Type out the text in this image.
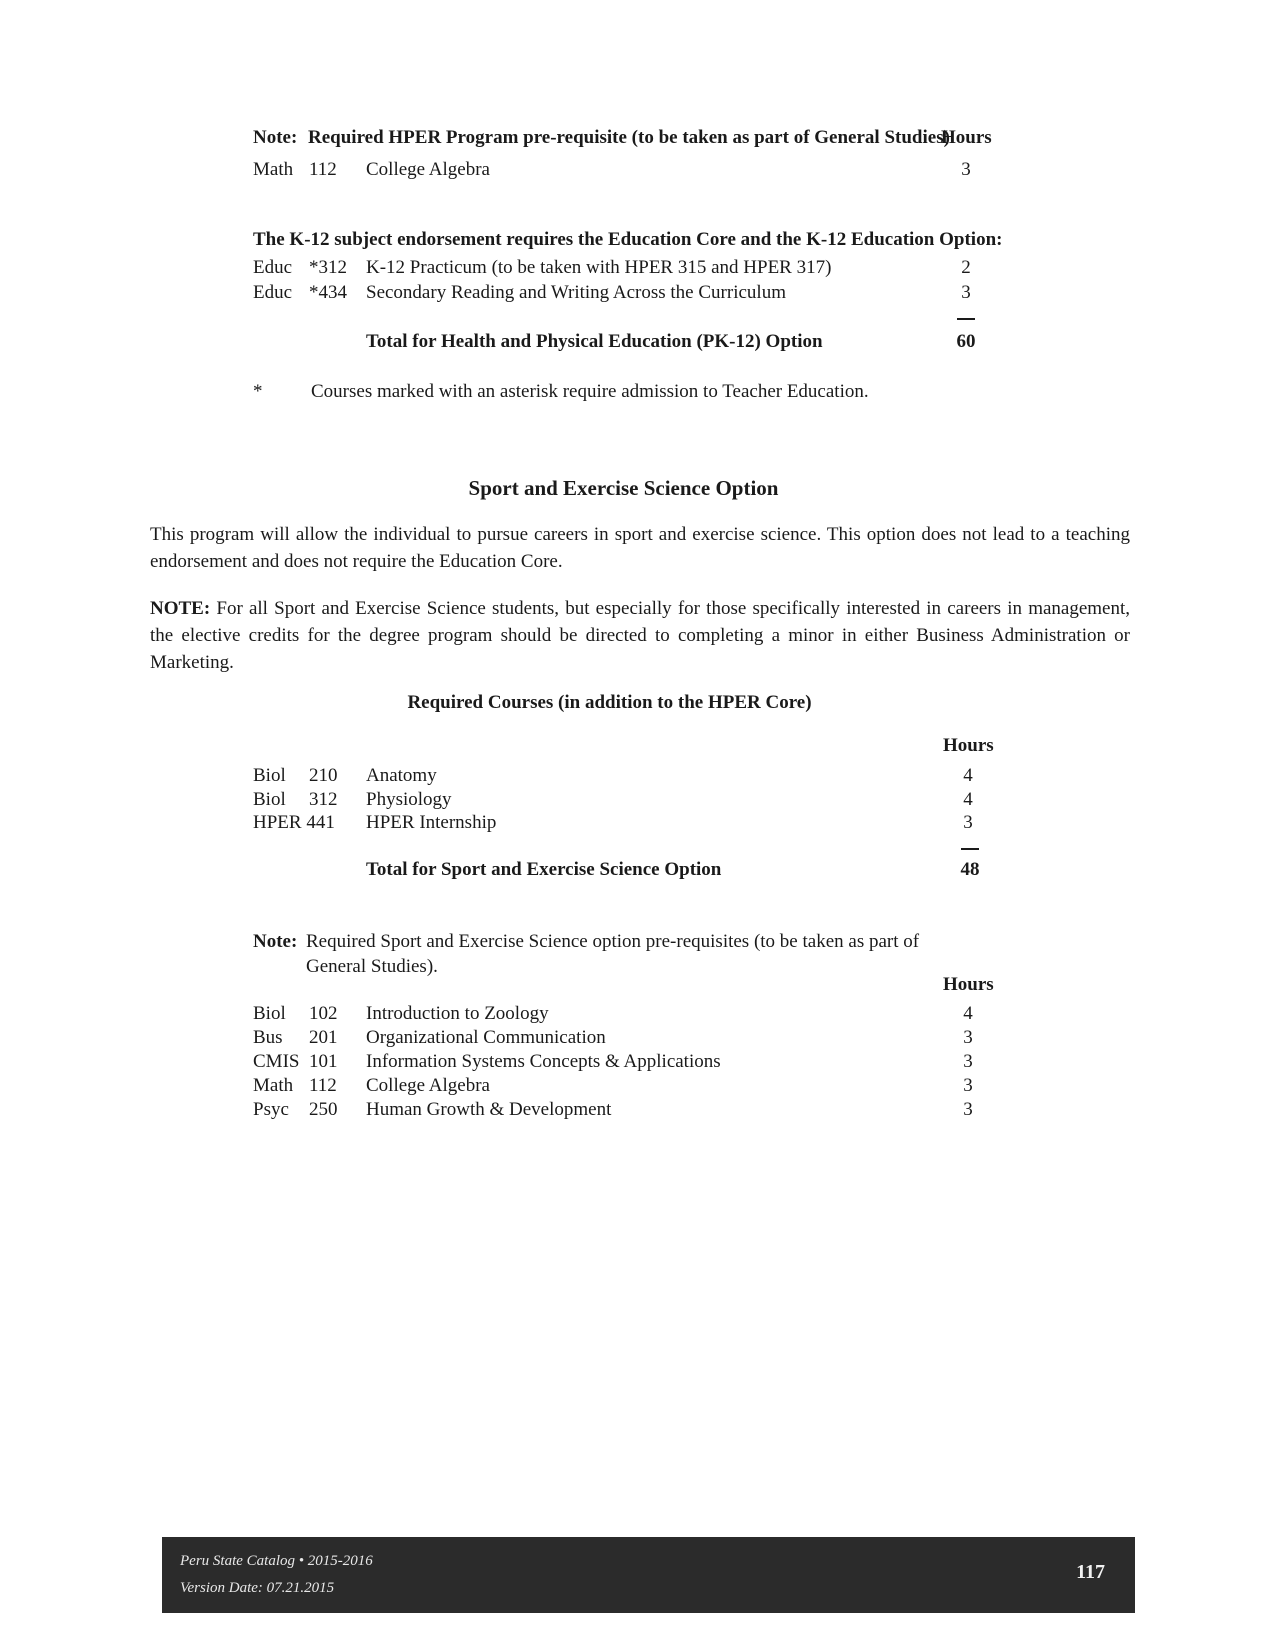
Note: Required HPER Program pre-requisite (to be taken as part of General Studies)
Hours
Math 112 College Algebra	3
The K-12 subject endorsement requires the Education Core and the K-12 Education Option:
Educ *312 K-12 Practicum (to be taken with HPER 315 and HPER 317)	2
Educ *434 Secondary Reading and Writing Across the Curriculum	3
Total for Health and Physical Education (PK-12) Option	60
*	Courses marked with an asterisk require admission to Teacher Education.
Sport and Exercise Science Option
This program will allow the individual to pursue careers in sport and exercise science. This option does not lead to a teaching endorsement and does not require the Education Core.
NOTE: For all Sport and Exercise Science students, but especially for those specifically interested in careers in management, the elective credits for the degree program should be directed to completing a minor in either Business Administration or Marketing.
Required Courses (in addition to the HPER Core)
Hours
Biol 210 Anatomy	4
Biol 312 Physiology	4
HPER 441 HPER Internship	3
Total for Sport and Exercise Science Option	48
Note: Required Sport and Exercise Science option pre-requisites (to be taken as part of
General Studies).
Hours
Biol 102 Introduction to Zoology	4
Bus 201 Organizational Communication	3
CMIS 101 Information Systems Concepts & Applications	3
Math 112 College Algebra	3
Psyc 250 Human Growth & Development	3
Peru State Catalog • 2015-2016
Version Date: 07.21.2015
117
